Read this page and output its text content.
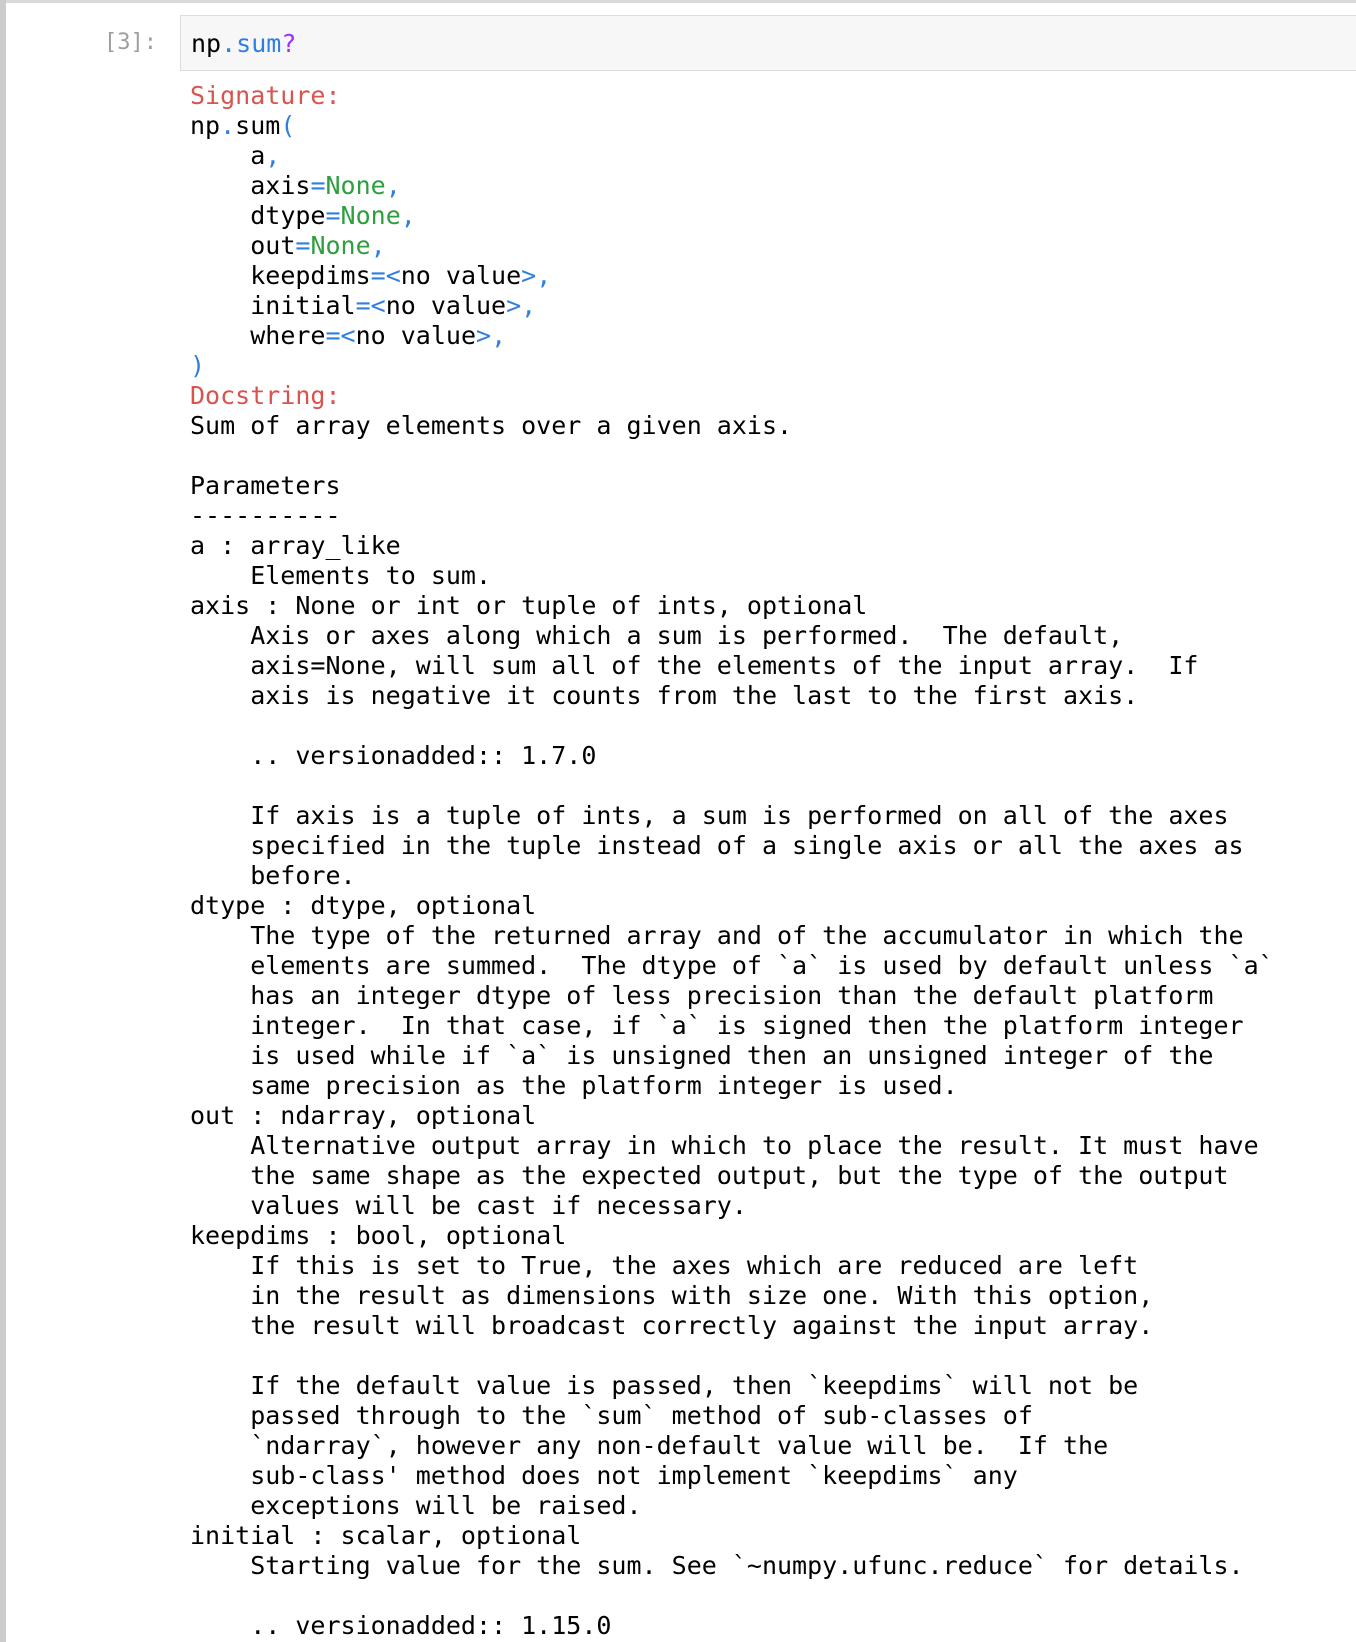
[3]: np.sum?
Signature:
np.sum(
a,
axis=None,
dtype=None,
out=None,
keepdims=<no value>,
initial=<no value>,
where=<no value>,
)
Docstring:
Sum of array elements over a given axis.
Parameters
----------
a : array_like
Elements to sum.
axis : None or int or tuple of ints, optional
Axis or axes along which a sum is performed.  The default,
axis=None, will sum all of the elements of the input array.  If
axis is negative it counts from the last to the first axis.
.. versionadded:: 1.7.0
If axis is a tuple of ints, a sum is performed on all of the axes
specified in the tuple instead of a single axis or all the axes as
before.
dtype : dtype, optional
The type of the returned array and of the accumulator in which the
elements are summed.  The dtype of `a` is used by default unless `a`
has an integer dtype of less precision than the default platform
integer.  In that case, if `a` is signed then the platform integer
is used while if `a` is unsigned then an unsigned integer of the
same precision as the platform integer is used.
out : ndarray, optional
Alternative output array in which to place the result. It must have
the same shape as the expected output, but the type of the output
values will be cast if necessary.
keepdims : bool, optional
If this is set to True, the axes which are reduced are left
in the result as dimensions with size one. With this option,
the result will broadcast correctly against the input array.
If the default value is passed, then `keepdims` will not be
passed through to the `sum` method of sub-classes of
`ndarray`, however any non-default value will be.  If the
sub-class' method does not implement `keepdims` any
exceptions will be raised.
initial : scalar, optional
Starting value for the sum. See `~numpy.ufunc.reduce` for details.
.. versionadded:: 1.15.0
